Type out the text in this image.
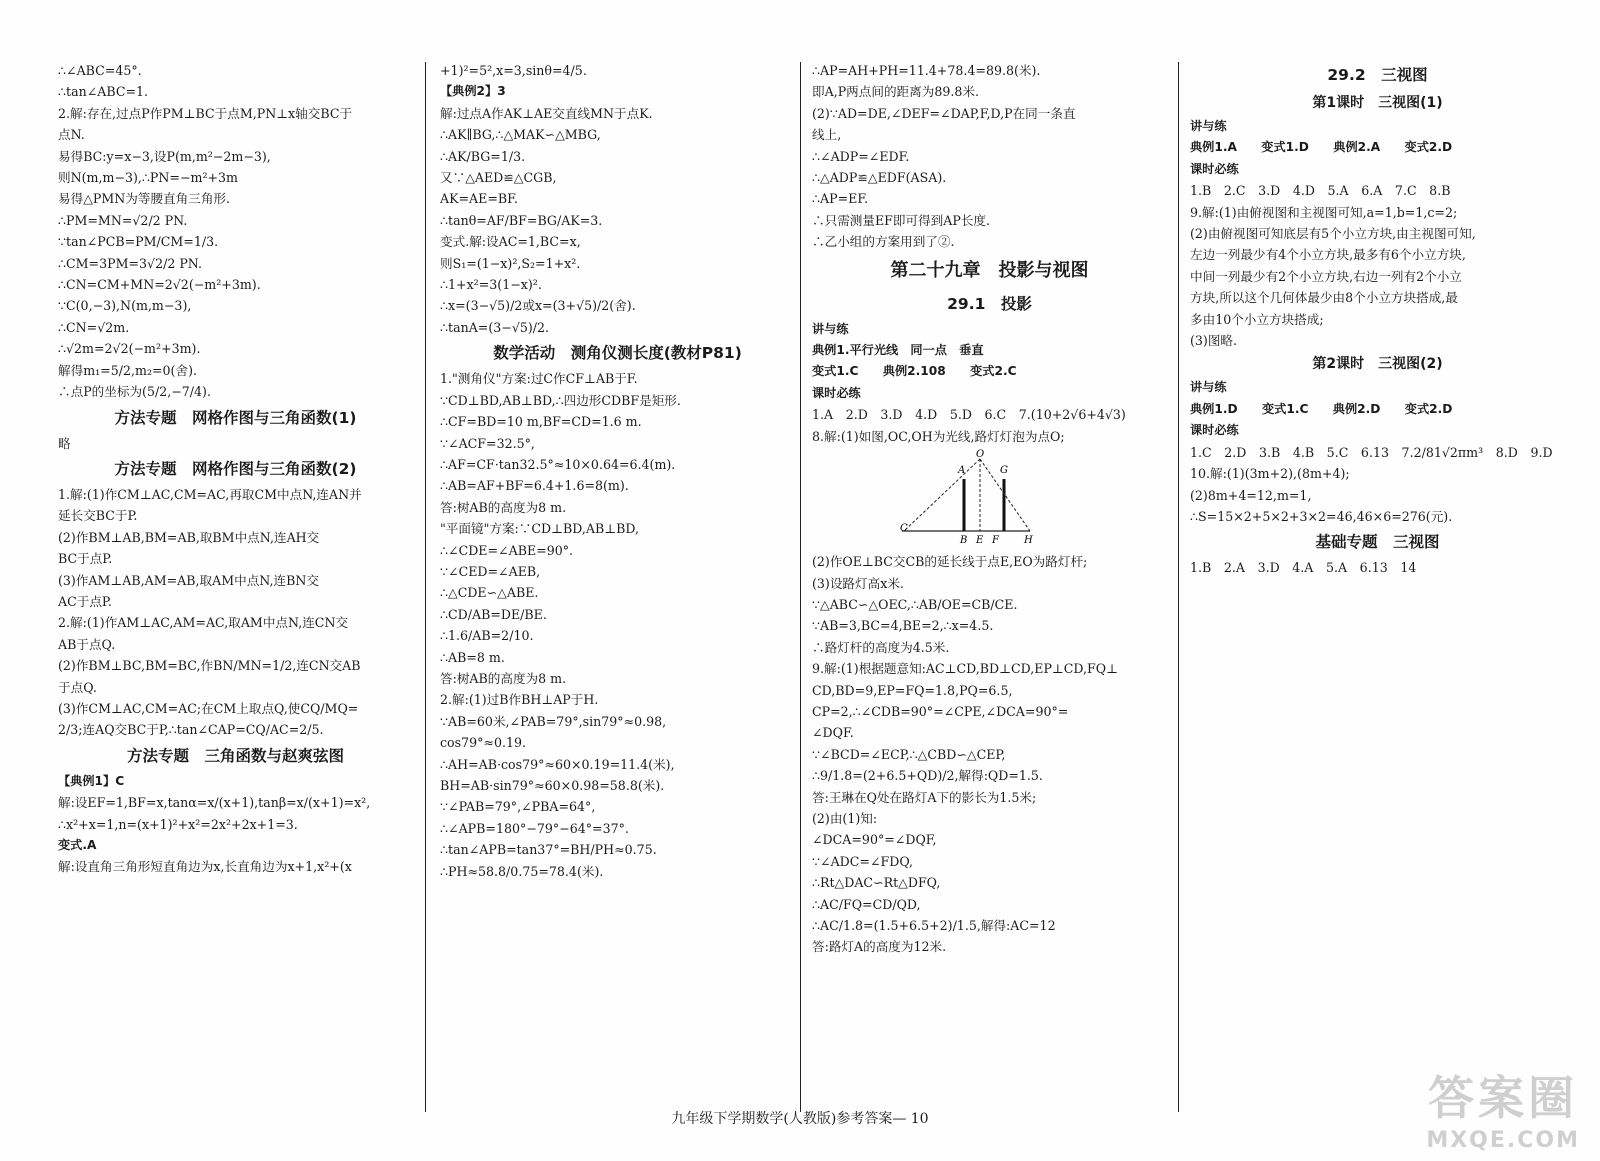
∴∠ABC=45°.
∴tan∠ABC=1.
2.解:存在,过点P作PM⊥BC于点M,PN⊥x轴交BC于
点N.
易得BC:y=x−3,设P(m,m²−2m−3),
则N(m,m−3),∴PN=−m²+3m
易得△PMN为等腰直角三角形.
∴PM=MN=√2/2 PN.
∵tan∠PCB=PM/CM=1/3.
∴CM=3PM=3√2/2 PN.
∴CN=CM+MN=2√2(−m²+3m).
∵C(0,−3),N(m,m−3),
∴CN=√2m.
∴√2m=2√2(−m²+3m).
解得m₁=5/2,m₂=0(舍).
∴点P的坐标为(5/2,−7/4).
方法专题　网格作图与三角函数(1)
略
方法专题　网格作图与三角函数(2)
1.解:(1)作CM⊥AC,CM=AC,再取CM中点N,连AN并
延长交BC于P.
(2)作BM⊥AB,BM=AB,取BM中点N,连AH交
BC于点P.
(3)作AM⊥AB,AM=AB,取AM中点N,连BN交
AC于点P.
2.解:(1)作AM⊥AC,AM=AC,取AM中点N,连CN交
AB于点Q.
(2)作BM⊥BC,BM=BC,作BN/MN=1/2,连CN交AB
于点Q.
(3)作CM⊥AC,CM=AC;在CM上取点Q,使CQ/MQ=
2/3;连AQ交BC于P,∴tan∠CAP=CQ/AC=2/5.
方法专题　三角函数与赵爽弦图
【典例1】C
解:设EF=1,BF=x,tanα=x/(x+1),tanβ=x/(x+1)=x²,
∴x²+x=1,n=(x+1)²+x²=2x²+2x+1=3.
变式.A
解:设直角三角形短直角边为x,长直角边为x+1,x²+(x
+1)²=5²,x=3,sinθ=4/5.
【典例2】3
解:过点A作AK⊥AE交直线MN于点K.
∴AK∥BG,∴△MAK∽△MBG,
∴AK/BG=1/3.
又∵△AED≌△CGB,
AK=AE=BF.
∴tanθ=AF/BF=BG/AK=3.
变式.解:设AC=1,BC=x,
则S₁=(1−x)²,S₂=1+x².
∴1+x²=3(1−x)².
∴x=(3−√5)/2或x=(3+√5)/2(舍).
∴tanA=(3−√5)/2.
数学活动　测角仪测长度(教材P81)
1."测角仪"方案:过C作CF⊥AB于F.
∵CD⊥BD,AB⊥BD,∴四边形CDBF是矩形.
∴CF=BD=10 m,BF=CD=1.6 m.
∵∠ACF=32.5°,
∴AF=CF·tan32.5°≈10×0.64=6.4(m).
∴AB=AF+BF=6.4+1.6=8(m).
答:树AB的高度为8 m.
"平面镜"方案:∵CD⊥BD,AB⊥BD,
∴∠CDE=∠ABE=90°.
∵∠CED=∠AEB,
∴△CDE∽△ABE.
∴CD/AB=DE/BE.
∴1.6/AB=2/10.
∴AB=8 m.
答:树AB的高度为8 m.
2.解:(1)过B作BH⊥AP于H.
∵AB=60米,∠PAB=79°,sin79°≈0.98,
cos79°≈0.19.
∴AH=AB·cos79°≈60×0.19=11.4(米),
BH=AB·sin79°≈60×0.98=58.8(米).
∵∠PAB=79°,∠PBA=64°,
∴∠APB=180°−79°−64°=37°.
∴tan∠APB=tan37°=BH/PH≈0.75.
∴PH≈58.8/0.75=78.4(米).
∴AP=AH+PH=11.4+78.4=89.8(米).
即A,P两点间的距离为89.8米.
(2)∵AD=DE,∠DEF=∠DAP,F,D,P在同一条直
线上,
∴∠ADP=∠EDF.
∴△ADP≌△EDF(ASA).
∴AP=EF.
∴只需测量EF即可得到AP长度.
∴乙小组的方案用到了②.
第二十九章　投影与视图
29.1　投影
讲与练
典例1.平行光线　同一点　垂直
变式1.C　　典例2.108　　变式2.C
课时必练
1.A　2.D　3.D　4.D　5.D　6.C　7.(10+2√6+4√3)
8.解:(1)如图,OC,OH为光线,路灯灯泡为点O;
O
A	G
C
B E F	H
(2)作OE⊥BC交CB的延长线于点E,EO为路灯杆;
(3)设路灯高x米.
∵△ABC∽△OEC,∴AB/OE=CB/CE.
∵AB=3,BC=4,BE=2,∴x=4.5.
∴路灯杆的高度为4.5米.
9.解:(1)根据题意知:AC⊥CD,BD⊥CD,EP⊥CD,FQ⊥
CD,BD=9,EP=FQ=1.8,PQ=6.5,
CP=2,∴∠CDB=90°=∠CPE,∠DCA=90°=
∠DQF.
∵∠BCD=∠ECP,∴△CBD∽△CEP,
∴9/1.8=(2+6.5+QD)/2,解得:QD=1.5.
答:王琳在Q处在路灯A下的影长为1.5米;
(2)由(1)知:
∠DCA=90°=∠DQF,
∵∠ADC=∠FDQ,
∴Rt△DAC∽Rt△DFQ,
∴AC/FQ=CD/QD,
∴AC/1.8=(1.5+6.5+2)/1.5,解得:AC=12
答:路灯A的高度为12米.
29.2　三视图
第1课时　三视图(1)
讲与练
典例1.A　　变式1.D　　典例2.A　　变式2.D
课时必练
1.B　2.C　3.D　4.D　5.A　6.A　7.C　8.B
9.解:(1)由俯视图和主视图可知,a=1,b=1,c=2;
(2)由俯视图可知底层有5个小立方块,由主视图可知,
左边一列最少有4个小立方块,最多有6个小立方块,
中间一列最少有2个小立方块,右边一列有2个小立
方块,所以这个几何体最少由8个小立方块搭成,最
多由10个小立方块搭成;
(3)图略.
第2课时　三视图(2)
讲与练
典例1.D　　变式1.C　　典例2.D　　变式2.D
课时必练
1.C　2.D　3.B　4.B　5.C　6.13　7.2/81√2πm³　8.D　9.D
10.解:(1)(3m+2),(8m+4);
(2)8m+4=12,m=1,
∴S=15×2+5×2+3×2=46,46×6=276(元).
基础专题　三视图
1.B　2.A　3.D　4.A　5.A　6.13　14
九年级下学期数学(人教版)参考答案— 10	答案圈
MXQE.COM
